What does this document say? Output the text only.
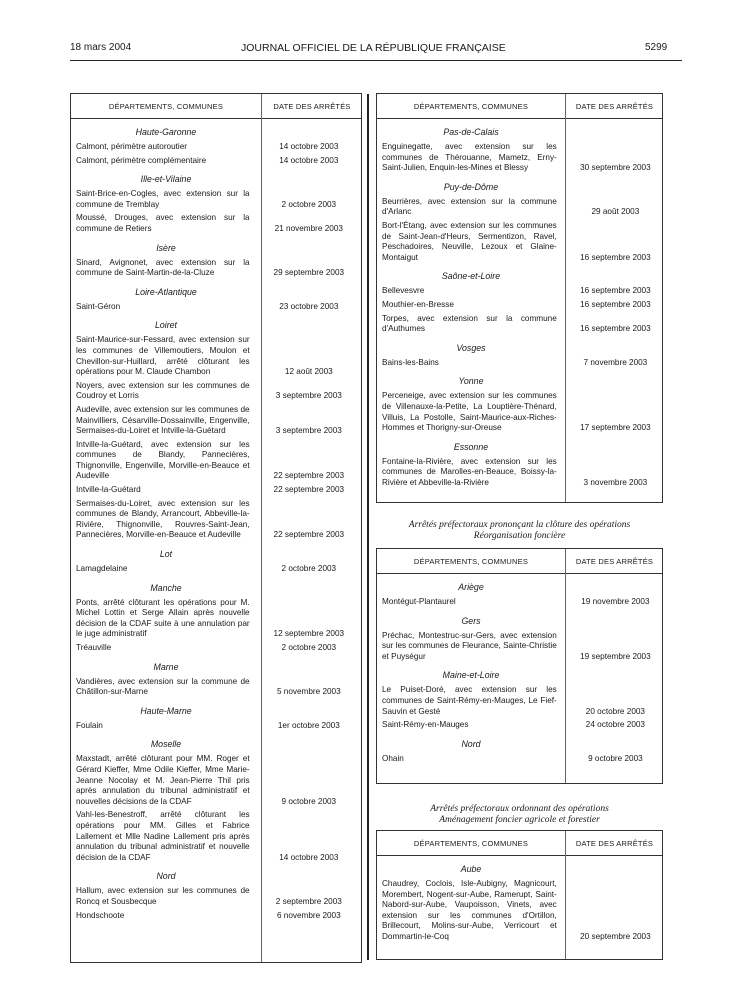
18 mars 2004	JOURNAL OFFICIEL DE LA RÉPUBLIQUE FRANÇAISE	5299
DÉPARTEMENTS, COMMUNES	DATE DES ARRÊTÉS
Haute-Garonne
Calmont, périmètre autoroutier	14 octobre 2003
Calmont, périmètre complémentaire	14 octobre 2003
Ille-et-Vilaine
Saint-Brice-en-Cogles, avec extension sur la commune de Tremblay	2 octobre 2003
Moussé, Drouges, avec extension sur la commune de Retiers	21 novembre 2003
Isère
Sinard, Avignonet, avec extension sur la commune de Saint-Martin-de-la-Cluze	29 septembre 2003
Loire-Atlantique
Saint-Géron	23 octobre 2003
Loiret
Saint-Maurice-sur-Fessard, avec extension sur les communes de Villemoutiers, Moulon et Chevillon-sur-Huillard, arrêté clôturant les opérations pour M. Claude Chambon	12 août 2003
Noyers, avec extension sur les communes de Coudroy et Lorris	3 septembre 2003
Audeville, avec extension sur les communes de Mainvilliers, Césarville-Dossainville, Engenville, Sermaises-du-Loiret et Intville-la-Guétard	3 septembre 2003
Intville-la-Guétard, avec extension sur les communes de Blandy, Pannecières, Thignonville, Engenville, Morville-en-Beauce et Audeville	22 septembre 2003
Intville-la-Guétard	22 septembre 2003
Sermaises-du-Loiret, avec extension sur les communes de Blandy, Arrancourt, Abbeville-la-Rivière, Thignonville, Rouvres-Saint-Jean, Pannecières, Morville-en-Beauce et Audeville	22 septembre 2003
Lot
Lamagdelaine	2 octobre 2003
Manche
Ponts, arrêté clôturant les opérations pour M. Michel Lottin et Serge Allain après nouvelle décision de la CDAF suite à une annulation par le juge administratif	12 septembre 2003
Tréauville	2 octobre 2003
Marne
Vandières, avec extension sur la commune de Châtillon-sur-Marne	5 novembre 2003
Haute-Marne
Foulain	1er octobre 2003
Moselle
Maxstadt, arrêté clôturant pour MM. Roger et Gérard Kieffer, Mme Odile Kieffer, Mme Marie-Jeanne Nocolay et M. Jean-Pierre Thil pris après annulation du tribunal administratif et nouvelles décisions de la CDAF	9 octobre 2003
Vahl-les-Benestroff, arrêté clôturant les opérations pour MM. Gilles et Fabrice Lallement et Mlle Nadine Lallement pris après annulation du tribunal administratif et nouvelle décision de la CDAF	14 octobre 2003
Nord
Hallum, avec extension sur les communes de Roncq et Sousbecque	2 septembre 2003
Hondschoote	6 novembre 2003
DÉPARTEMENTS, COMMUNES	DATE DES ARRÊTÉS
Pas-de-Calais
Enguinegatte, avec extension sur les communes de Thérouanne, Mametz, Erny-Saint-Julien, Enquin-les-Mines et Blessy	30 septembre 2003
Puy-de-Dôme
Beurrières, avec extension sur la commune d'Arlanc	29 août 2003
Bort-l'Étang, avec extension sur les communes de Saint-Jean-d'Heurs, Sermentizon, Ravel, Peschadoires, Neuville, Lezoux et Glaine-Montaigut	16 septembre 2003
Saône-et-Loire
Bellevesvre	16 septembre 2003
Mouthier-en-Bresse	16 septembre 2003
Torpes, avec extension sur la commune d'Authumes	16 septembre 2003
Vosges
Bains-les-Bains	7 novembre 2003
Yonne
Perceneige, avec extension sur les communes de Villenauxe-la-Petite, La Louptière-Thénard, Villuis, La Postolle, Saint-Maurice-aux-Riches-Hommes et Thorigny-sur-Oreuse	17 septembre 2003
Essonne
Fontaine-la-Rivière, avec extension sur les communes de Marolles-en-Beauce, Boissy-la-Rivière et Abbeville-la-Rivière	3 novembre 2003
Arrêtés préfectoraux prononçant la clôture des opérations
Réorganisation foncière
DÉPARTEMENTS, COMMUNES	DATE DES ARRÊTÉS
Ariège
Montégut-Plantaurel	19 novembre 2003
Gers
Préchac, Montestruc-sur-Gers, avec extension sur les communes de Fleurance, Sainte-Christie et Puységur	19 septembre 2003
Maine-et-Loire
Le Puiset-Doré, avec extension sur les communes de Saint-Rémy-en-Mauges, Le Fief-Sauvin et Gesté	20 octobre 2003
Saint-Rémy-en-Mauges	24 octobre 2003
Nord
Ohain	9 octobre 2003
Arrêtés préfectoraux ordonnant des opérations
Aménagement foncier agricole et forestier
DÉPARTEMENTS, COMMUNES	DATE DES ARRÊTÉS
Aube
Chaudrey, Coclois, Isle-Aubigny, Magnicourt, Morembert, Nogent-sur-Aube, Ramerupt, Saint-Nabord-sur-Aube, Vaupoisson, Vinets, avec extension sur les communes d'Ortillon, Brillecourt, Molins-sur-Aube, Verricourt et Dommartin-le-Coq	20 septembre 2003
